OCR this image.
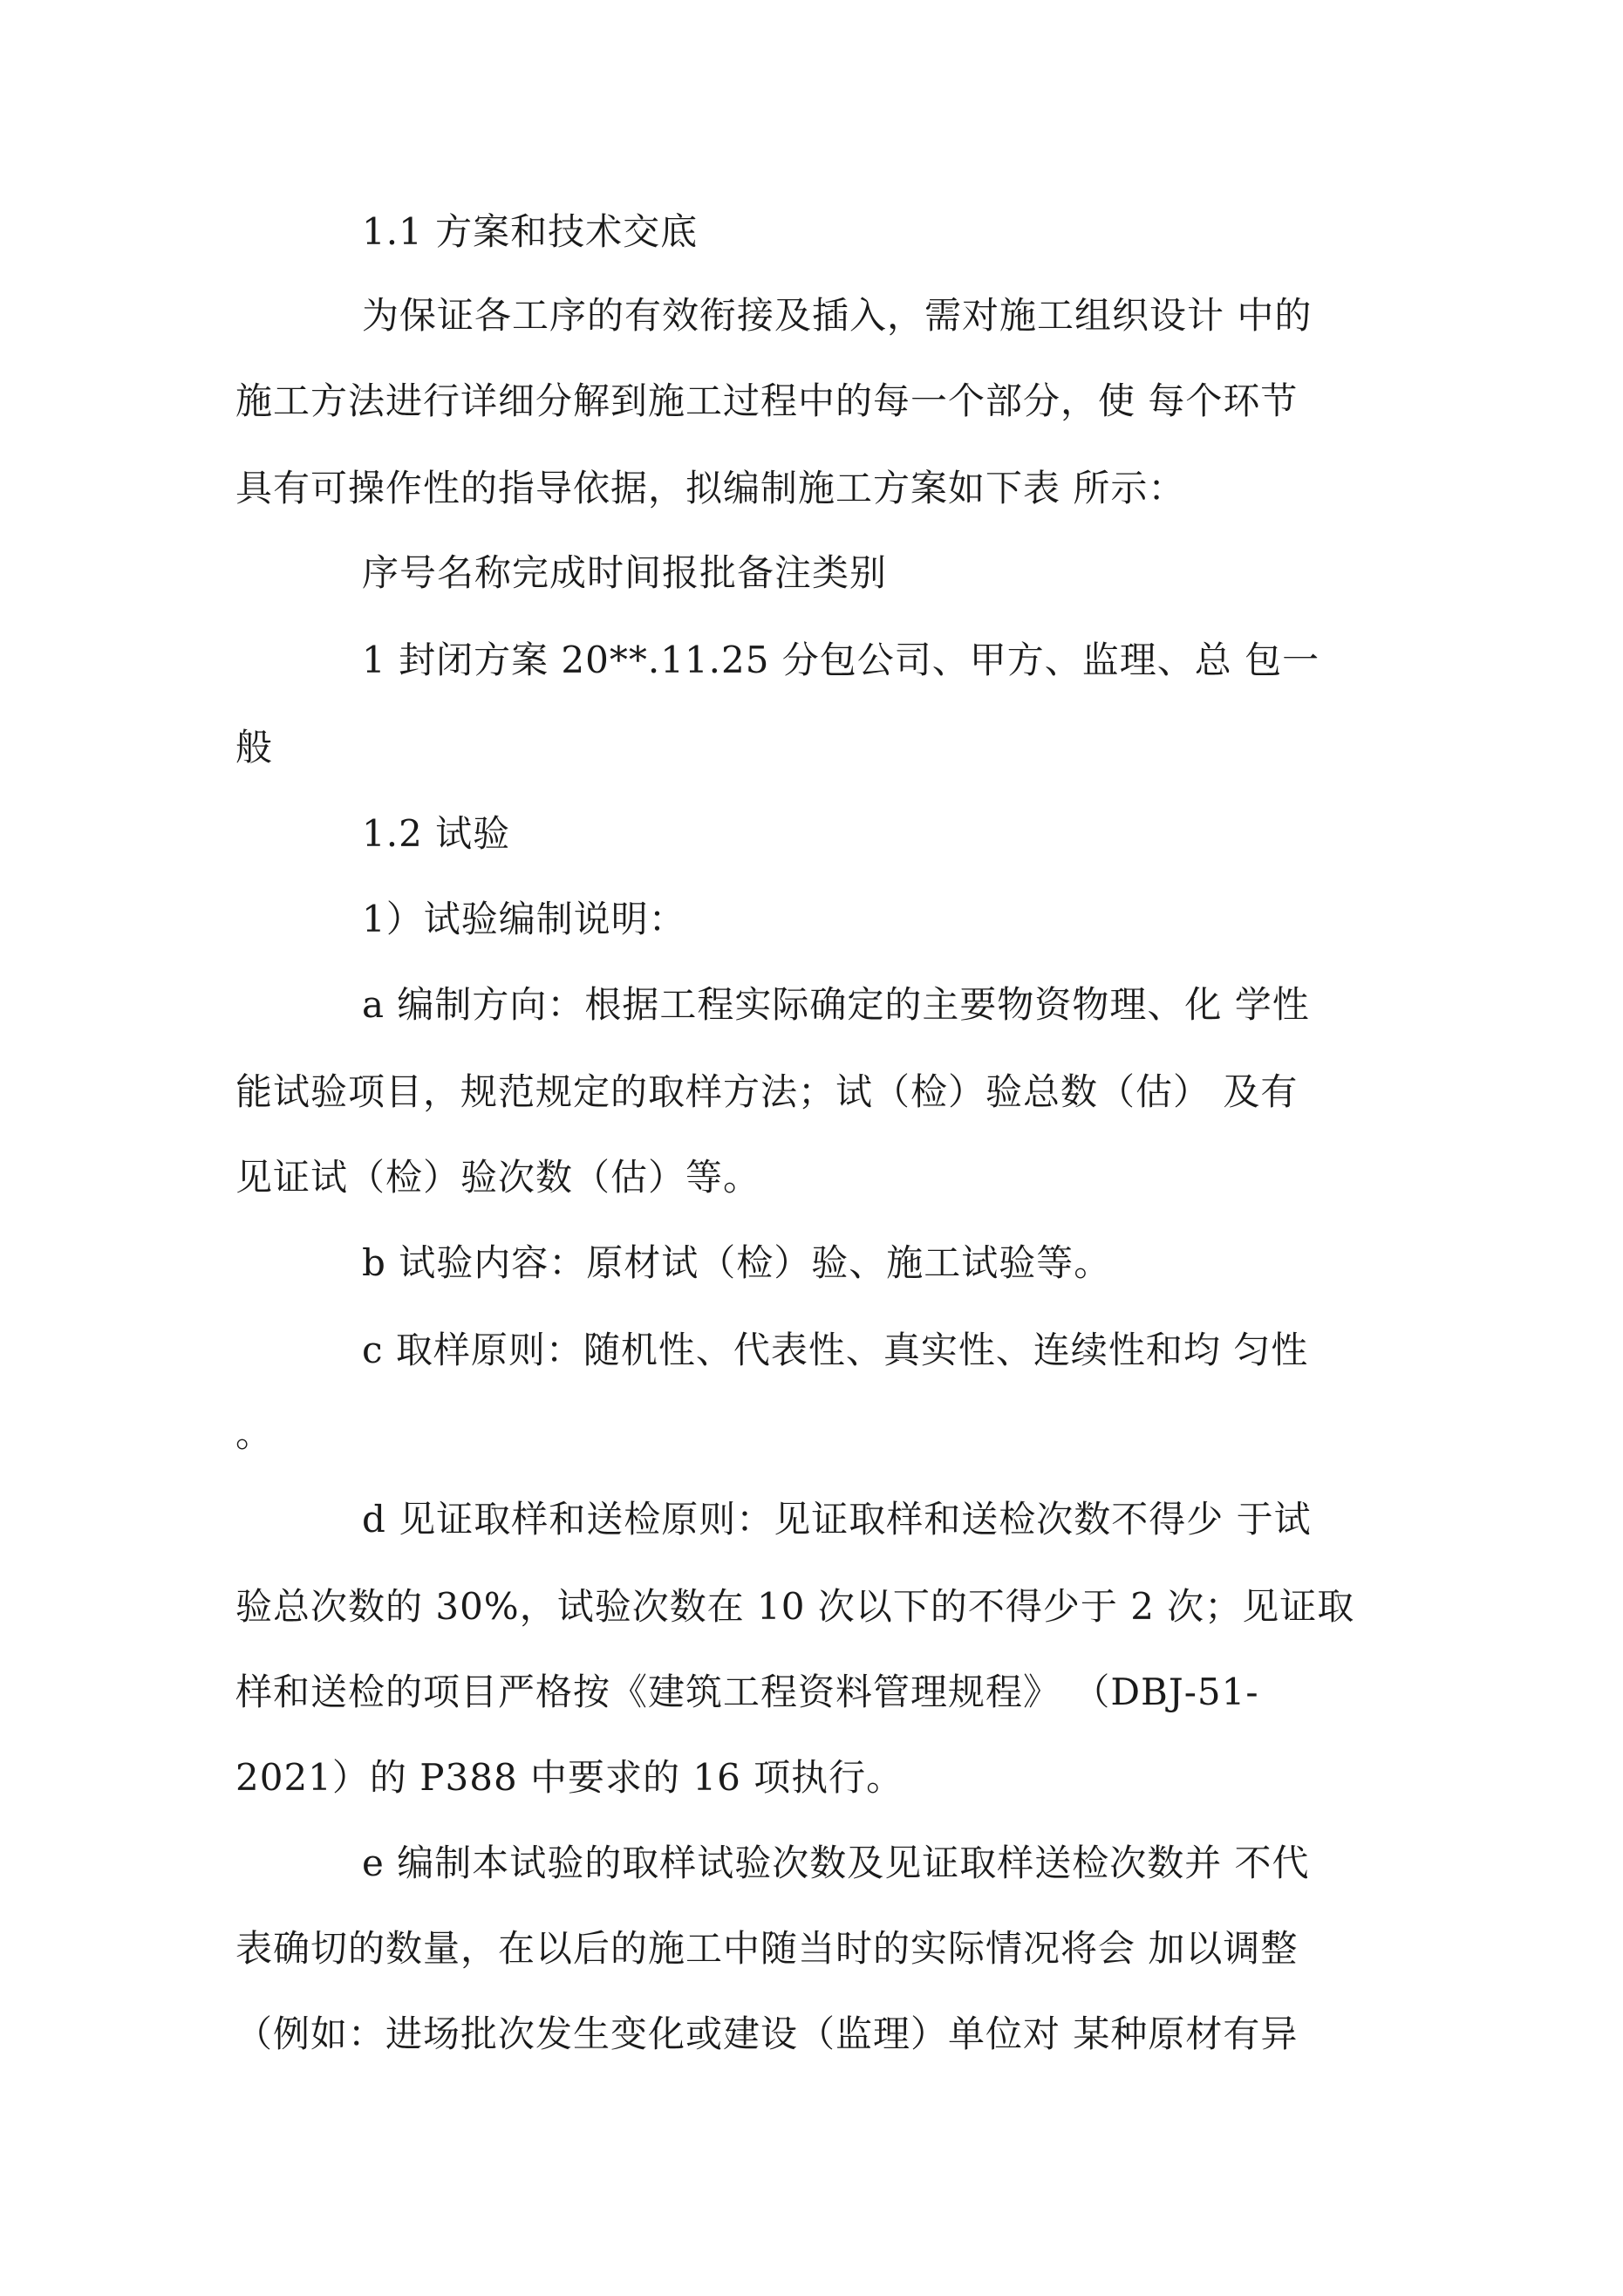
1.1 方案和技术交底
为保证各工序的有效衔接及插入，需对施工组织设计 中的
施工方法进行详细分解到施工过程中的每一个部分，使 每个环节
具有可操作性的指导依据，拟编制施工方案如下表 所示：
序号名称完成时间报批备注类别
1 封闭方案 20**.11.25 分包公司、甲方、监理、总 包一
般
1.2 试验
1）试验编制说明：
a 编制方向：根据工程实际确定的主要物资物理、化 学性
能试验项目，规范规定的取样方法；试（检）验总数（估） 及有
见证试（检）验次数（估）等。
b 试验内容：原材试（检）验、施工试验等。
c 取样原则：随机性、代表性、真实性、连续性和均 匀性
。
d 见证取样和送检原则：见证取样和送检次数不得少 于试
验总次数的 30%，试验次数在 10 次以下的不得少于 2 次；见证取
样和送检的项目严格按《建筑工程资料管理规程》 （DBJ-51-
2021）的 P388 中要求的 16 项执行。
e 编制本试验的取样试验次数及见证取样送检次数并 不代
表确切的数量，在以后的施工中随当时的实际情况将会 加以调整
（例如：进场批次发生变化或建设（监理）单位对 某种原材有异
